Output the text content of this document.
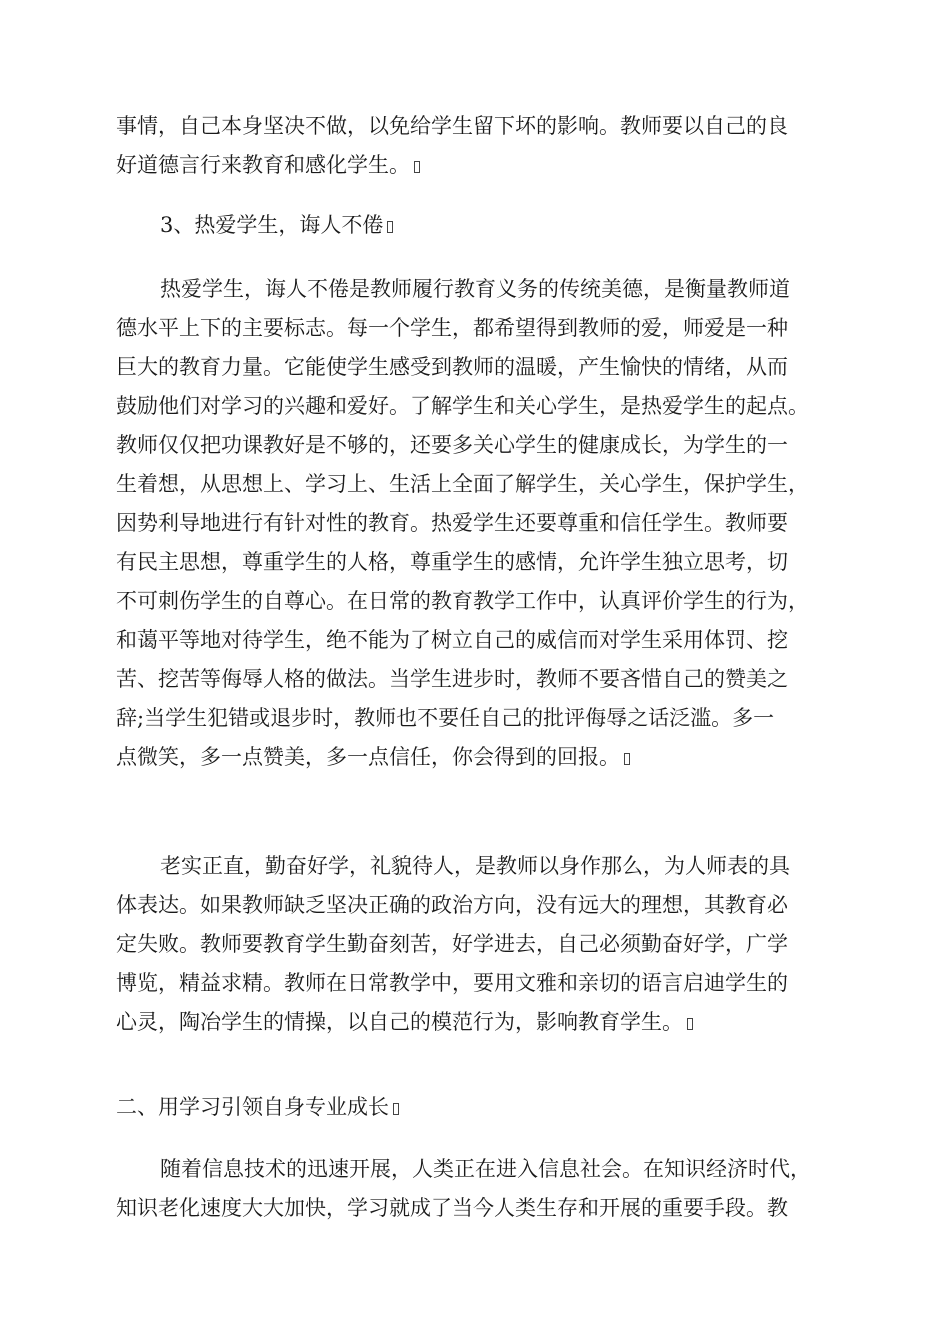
事情，自己本身坚决不做，以免给学生留下坏的影响。教师要以自己的良
好道德言行来教育和感化学生。
3、热爱学生，诲人不倦
热爱学生，诲人不倦是教师履行教育义务的传统美德，是衡量教师道
德水平上下的主要标志。每一个学生，都希望得到教师的爱，师爱是一种
巨大的教育力量。它能使学生感受到教师的温暖，产生愉快的情绪，从而
鼓励他们对学习的兴趣和爱好。了解学生和关心学生，是热爱学生的起点。
教师仅仅把功课教好是不够的，还要多关心学生的健康成长，为学生的一
生着想，从思想上、学习上、生活上全面了解学生，关心学生，保护学生，
因势利导地进行有针对性的教育。热爱学生还要尊重和信任学生。教师要
有民主思想，尊重学生的人格，尊重学生的感情，允许学生独立思考，切
不可刺伤学生的自尊心。在日常的教育教学工作中，认真评价学生的行为，
和蔼平等地对待学生，绝不能为了树立自己的威信而对学生采用体罚、挖
苦、挖苦等侮辱人格的做法。当学生进步时，教师不要吝惜自己的赞美之
辞;当学生犯错或退步时，教师也不要任自己的批评侮辱之话泛滥。多一
点微笑，多一点赞美，多一点信任，你会得到的回报。
老实正直，勤奋好学，礼貌待人，是教师以身作那么，为人师表的具
体表达。如果教师缺乏坚决正确的政治方向，没有远大的理想，其教育必
定失败。教师要教育学生勤奋刻苦，好学进去，自己必须勤奋好学，广学
博览，精益求精。教师在日常教学中，要用文雅和亲切的语言启迪学生的
心灵，陶冶学生的情操，以自己的模范行为，影响教育学生。
二、用学习引领自身专业成长
随着信息技术的迅速开展，人类正在进入信息社会。在知识经济时代，
知识老化速度大大加快，学习就成了当今人类生存和开展的重要手段。教
